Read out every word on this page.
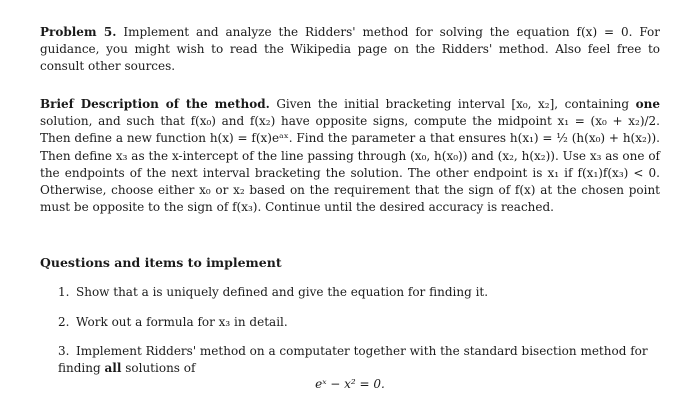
Problem 5. Implement and analyze the Ridders' method for solving the equation f(x) = 0. For guidance, you might wish to read the Wikipedia page on the Ridders' method. Also feel free to consult other sources.

Brief Description of the method. Given the initial bracketing interval [x₀, x₂], containing one solution, and such that f(x₀) and f(x₂) have opposite signs, compute the midpoint x₁ = (x₀ + x₂)/2. Then define a new function h(x) = f(x)eᵃˣ. Find the parameter a that ensures h(x₁) = ½ (h(x₀) + h(x₂)). Then define x₃ as the x-intercept of the line passing through (x₀, h(x₀)) and (x₂, h(x₂)). Use x₃ as one of the endpoints of the next interval bracketing the solution. The other endpoint is x₁ if f(x₁)f(x₃) < 0. Otherwise, choose either x₀ or x₂ based on the requirement that the sign of f(x) at the chosen point must be opposite to the sign of f(x₃). Continue until the desired accuracy is reached.

Questions and items to implement

1. Show that a is uniquely defined and give the equation for finding it.

2. Work out a formula for x₃ in detail.

3. Implement Ridders' method on a computater together with the standard bisection method for finding all solutions of

eˣ − x² = 0.
